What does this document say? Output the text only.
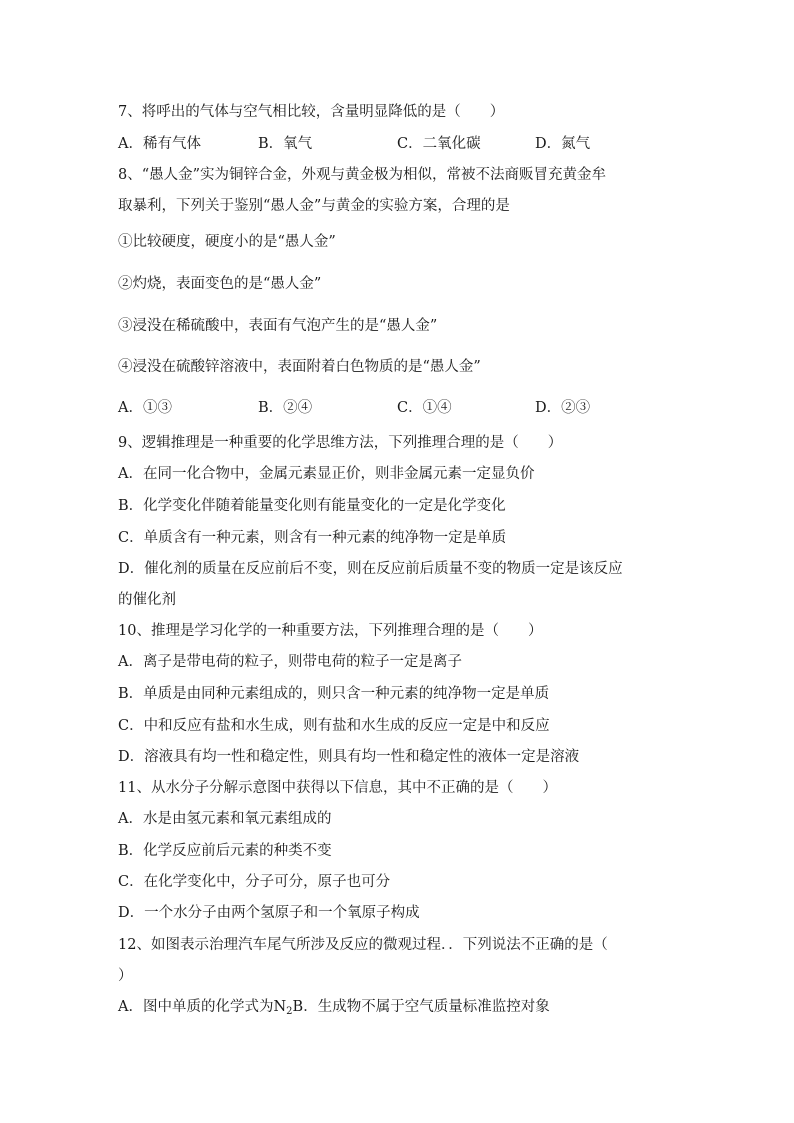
7、将呼出的气体与空气相比较，含量明显降低的是（　　）
A．稀有气体	B．氧气	C．二氧化碳	D．氮气
8、“愚人金”实为铜锌合金，外观与黄金极为相似，常被不法商贩冒充黄金牟
取暴利，下列关于鉴别“愚人金”与黄金的实验方案，合理的是
①比较硬度，硬度小的是“愚人金”
②灼烧，表面变色的是“愚人金”
③浸没在稀硫酸中，表面有气泡产生的是“愚人金”
④浸没在硫酸锌溶液中，表面附着白色物质的是“愚人金”
A．①③	B．②④	C．①④	D．②③
9、逻辑推理是一种重要的化学思维方法，下列推理合理的是（　　）
A．在同一化合物中，金属元素显正价，则非金属元素一定显负价
B．化学变化伴随着能量变化则有能量变化的一定是化学变化
C．单质含有一种元素，则含有一种元素的纯净物一定是单质
D．催化剂的质量在反应前后不变，则在反应前后质量不变的物质一定是该反应
的催化剂
10、推理是学习化学的一种重要方法，下列推理合理的是（　　）
A．离子是带电荷的粒子，则带电荷的粒子一定是离子
B．单质是由同种元素组成的，则只含一种元素的纯净物一定是单质
C．中和反应有盐和水生成，则有盐和水生成的反应一定是中和反应
D．溶液具有均一性和稳定性，则具有均一性和稳定性的液体一定是溶液
11、从水分子分解示意图中获得以下信息，其中不正确的是（　　）
A．水是由氢元素和氧元素组成的
B．化学反应前后元素的种类不变
C．在化学变化中，分子可分，原子也可分
D．一个水分子由两个氢原子和一个氧原子构成
12、如图表示治理汽车尾气所涉及反应的微观过程．．下列说法不正确的是（
）
A．图中单质的化学式为$N_2B$．生成物不属于空气质量标准监控对象
